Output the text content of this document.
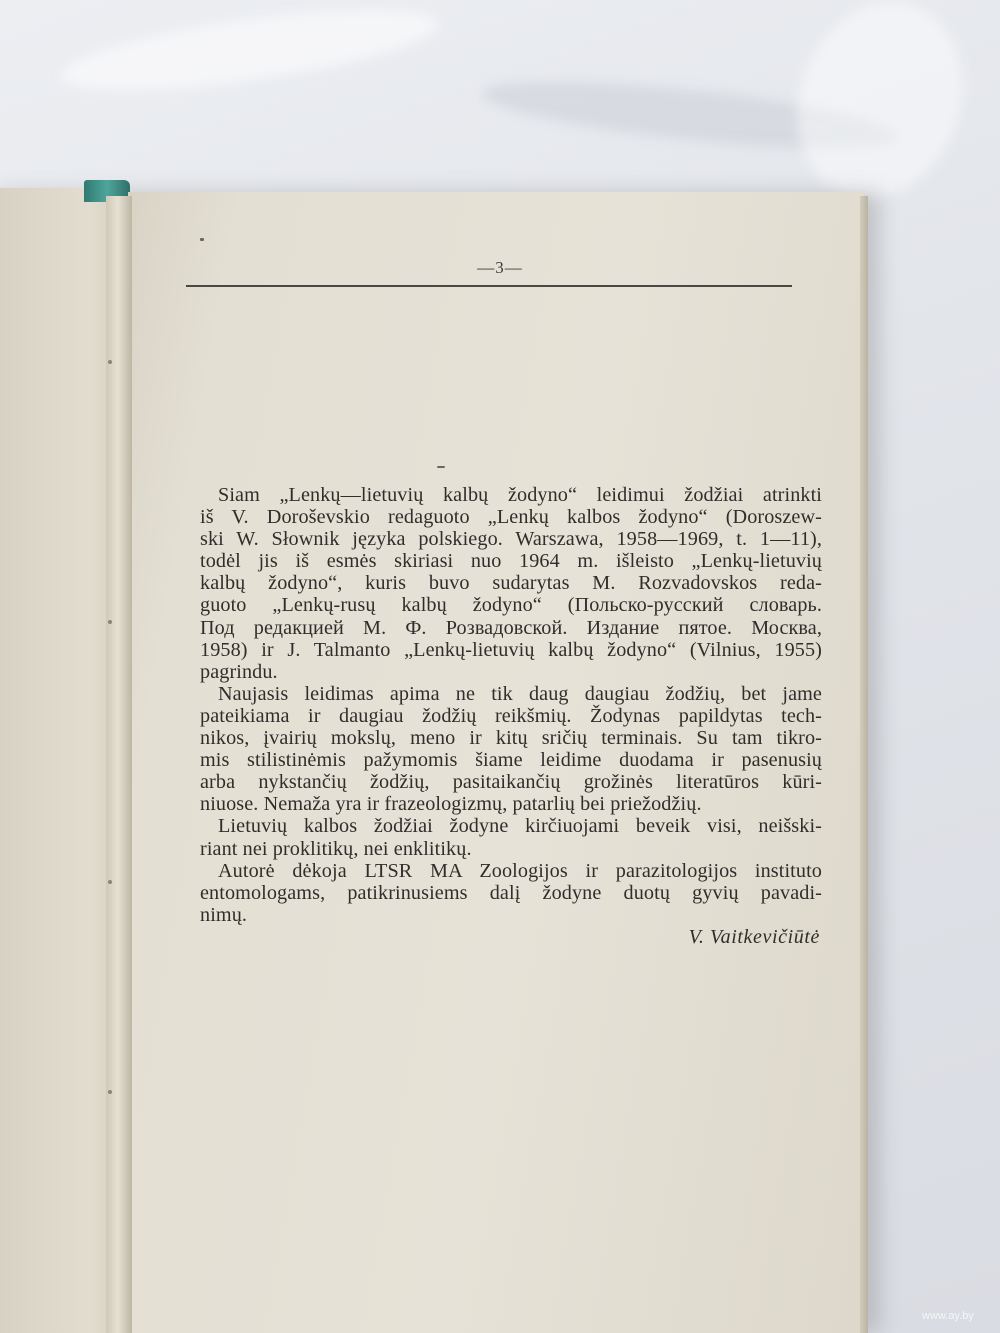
—3—
Siam „Lenkų—lietuvių kalbų žodyno“ leidimui žodžiai atrinkti
iš V. Doroševskio redaguoto „Lenkų kalbos žodyno“ (Doroszew-
ski W. Słownik języka polskiego. Warszawa, 1958—1969, t. 1—11),
todėl jis iš esmės skiriasi nuo 1964 m. išleisto „Lenkų-lietuvių
kalbų žodyno“, kuris buvo sudarytas M. Rozvadovskos reda-
guoto „Lenkų-rusų kalbų žodyno“ (Польско-русский словарь.
Под редакцией М. Ф. Розвадовской. Издание пятое. Москва,
1958) ir J. Talmanto „Lenkų-lietuvių kalbų žodyno“ (Vilnius, 1955)
pagrindu.
Naujasis leidimas apima ne tik daug daugiau žodžių, bet jame
pateikiama ir daugiau žodžių reikšmių. Žodynas papildytas tech-
nikos, įvairių mokslų, meno ir kitų sričių terminais. Su tam tikro-
mis stilistinėmis pažymomis šiame leidime duodama ir pasenusių
arba nykstančių žodžių, pasitaikančių grožinės literatūros kūri-
niuose. Nemaža yra ir frazeologizmų, patarlių bei priežodžių.
Lietuvių kalbos žodžiai žodyne kirčiuojami beveik visi, neišski-
riant nei proklitikų, nei enklitikų.
Autorė dėkoja LTSR MA Zoologijos ir parazitologijos instituto
entomologams, patikrinusiems dalį žodyne duotų gyvių pavadi-
nimų.
V. Vaitkevičiūtė
www.ay.by
